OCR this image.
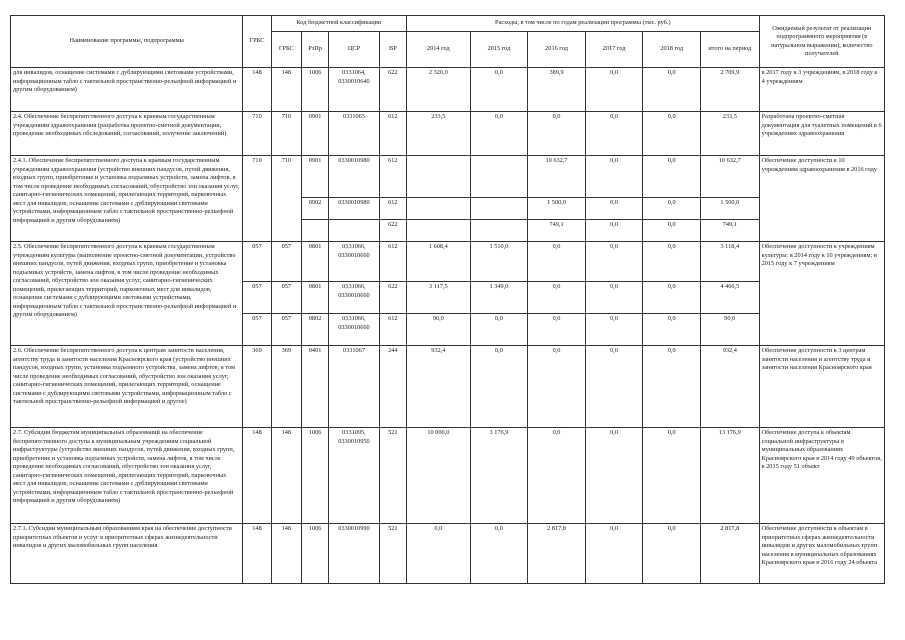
Наименование программы, подпрограммы	ГРБС	Код бюджетной классификации				Расходы, в том числе по годам реализации программы (тыс. руб.)						Ожидаемый результат от реализации подпрограммного мероприятия (в натуральном выражении), количество получателей
		ГРБС	РзПр	ЦСР	ВР	2014 год	2015 год	2016 год	2017 год	2018 год	итого на период	
для инвалидов, оснащение системами с дублирующими световыми устройствами, информационным табло с тактильной пространственно-рельефной информацией и другим оборудованием)	148	148	1006	0331064, 0330010640	622	2 320,0	0,0	389,9	0,0	0,0	2 709,9	в 2017 году к 3 учреждениям, в 2018 году к 4 учреждениям
2.4. Обеспечение беспрепятственного доступа к краевым государственным учреждениям здравоохранения (разработка проектно-сметной документации, проведение необходимых обследований, согласований, получение заключений)	710	710	0901	0331065	612	233,5	0,0	0,0	0,0	0,0	233,5	Разработана проектно-сметная документация для туалетных помещений в 6 учреждениях здравоохранения
2.4.1. Обеспечение беспрепятственного доступа к краевым государственным учреждениям здравоохранения (устройство внешних пандусов, путей движения, входных групп, приобретение и установка подъемных устройств, замена лифтов, в том числе проведение необходимых согласований, обустройство зон оказания услуг, санитарно-гигиенических помещений, прилегающих территорий, парковочных мест для инвалидов, оснащение системами с дублирующими световыми устройствами, информационным табло с тактильной пространственно-рельефной информацией и другим оборудованием)	710	710	0901	0330010980	612			10 632,7	0,0	0,0	10 632,7	Обеспечение доступности к 10 учреждениям здравоохранения в 2016 году
			0902	0330010980	612			1 500,0	0,0	0,0	1 500,0	
					622			749,1	0,0	0,0	749,1	
2.5. Обеспечение беспрепятственного доступа к краевым государственным учреждениям культуры (выполнение проектно-сметной документации, устройство внешних пандусов, путей движения, входных групп, приобретение и установка подъемных устройств, замена лифтов, в том числе проведение необходимых согласований, обустройство зон оказания услуг, санитарно-гигиенических помещений, прилегающих территорий, парковочных мест для инвалидов, оснащение системами с дублирующими световыми устройствами, информационным табло с тактильной пространственно-рельефной информацией и другим оборудованием)	057	057	0801	0331066, 0330010660	612	1 608,4	1 510,0	0,0	0,0	0,0	3 118,4	Обеспечение доступности к учреждениям культуры: в 2014 году к 10 учреждениям; в 2015 году к 7 учреждениям
	057	057	0801	0331066, 0330010660	622	3 117,5	1 349,0	0,0	0,0	0,0	4 466,5	
	057	057	0802	0331066, 0330010660	612	90,0	0,0	0,0	0,0	0,0	90,0	
2.6. Обеспечение беспрепятственного доступа к центрам занятости населения, агентству труда и занятости населения Красноярского края (устройство внешних пандусов, входных групп, установка подъемного устройства, замена лифтов, в том числе проведение необходимых согласований, обустройство зон оказания услуг, санитарно-гигиенических помещений, прилегающих территорий, оснащение системами с дублирующими световыми устройствами, информационным табло с тактильной пространственно-рельефной информацией и другое)	369	369	0401	0331067	244	932,4	0,0	0,0	0,0	0,0	932,4	Обеспечение доступности к 3 центрам занятости населения и агентству труда и занятости населения Красноярского края
2.7. Субсидии бюджетам муниципальных образований на обеспечение беспрепятственного доступа к муниципальным учреждениям социальной инфраструктуры (устройство внешних пандусов, путей движения, входных групп, приобретение и установка подъемных устройств, замена лифтов, в том числе проведение необходимых согласований, обустройство зон оказания услуг, санитарно-гигиенических помещений, прилегающих территорий, парковочных мест для инвалидов, оснащение системами с дублирующими световыми устройствами, информационным табло с тактильной пространственно-рельефной информацией и другим оборудованием)	148	148	1006	0331095, 0330010950	521	10 000,0	3 176,9	0,0	0,0	0,0	13 176,9	Обеспечение доступа к объектам социальной инфраструктуры в муниципальных образованиях Красноярского края в 2014 году 49 объектов, в 2015 году 51 объект
2.7.1. Субсидии муниципальным образованиям края на обеспечение доступности приоритетных объектов и услуг в приоритетных сферах жизнедеятельности инвалидов и других маломобильных групп населения	148	148	1006	0330010990	521	0,0	0,0	2 817,8	0,0	0,0	2 817,8	Обеспечение доступности к объектам в приоритетных сферах жизнедеятельности инвалидов и других маломобильных групп населения в муниципальных образованиях Красноярского края в 2016 году 24 объекта
